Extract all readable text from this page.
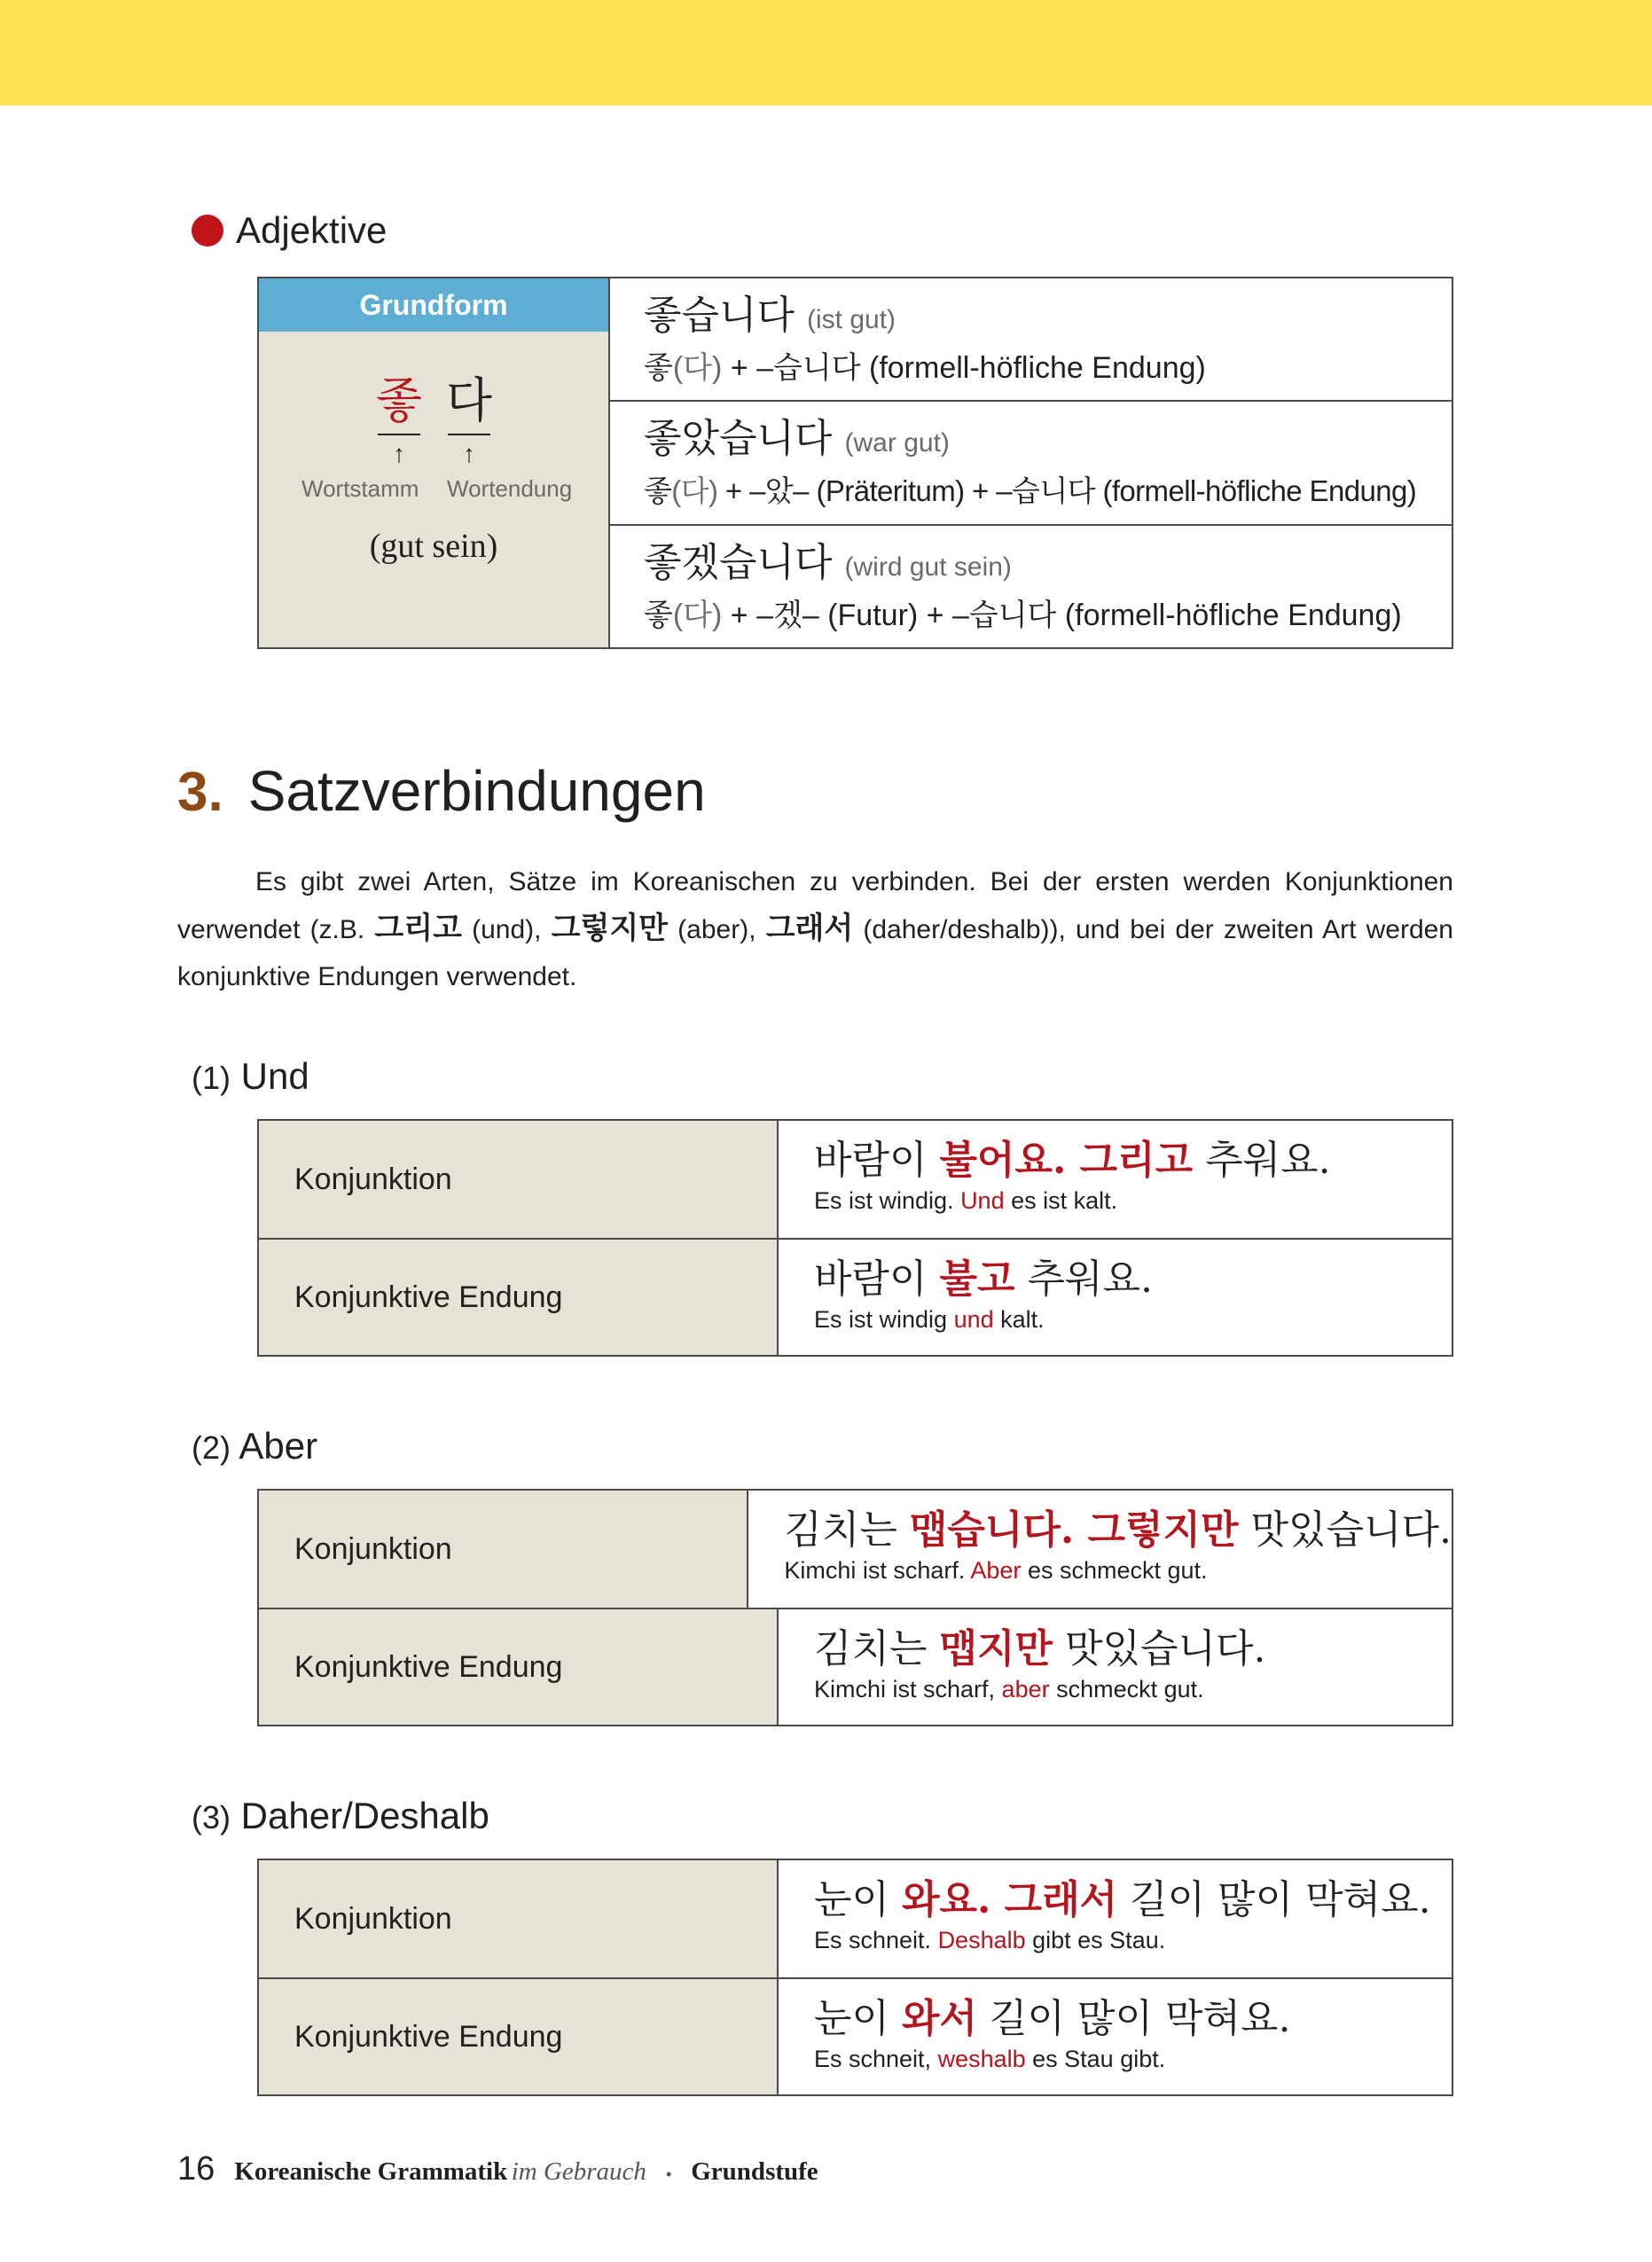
Adjektive
Grundform
좋 다
↑	↑
Wortstamm Wortendung
(gut sein)
좋습니다 (ist gut)
좋(다) + –습니다 (formell-höfliche Endung)
좋았습니다 (war gut)
좋(다) + –았– (Präteritum) + –습니다 (formell-höfliche Endung)
좋겠습니다 (wird gut sein)
좋(다) + –겠– (Futur) + –습니다 (formell-höfliche Endung)
3. Satzverbindungen
Es gibt zwei Arten, Sätze im Koreanischen zu verbinden. Bei der ersten werden Konjunktionen verwendet (z.B. 그리고 (und), 그렇지만 (aber), 그래서 (daher/deshalb)), und bei der zweiten Art werden konjunktive Endungen verwendet.
(1) Und
Konjunktion	바람이 불어요. 그리고 추워요.
Es ist windig. Und es ist kalt.
Konjunktive Endung	바람이 불고 추워요.
Es ist windig und kalt.
(2) Aber
Konjunktion	김치는 맵습니다. 그렇지만 맛있습니다.
Kimchi ist scharf. Aber es schmeckt gut.
Konjunktive Endung	김치는 맵지만 맛있습니다.
Kimchi ist scharf, aber schmeckt gut.
(3) Daher/Deshalb
Konjunktion	눈이 와요. 그래서 길이 많이 막혀요.
Es schneit. Deshalb gibt es Stau.
Konjunktive Endung	눈이 와서 길이 많이 막혀요.
Es schneit, weshalb es Stau gibt.
16 Koreanische Grammatik im Gebrauch • Grundstufe
